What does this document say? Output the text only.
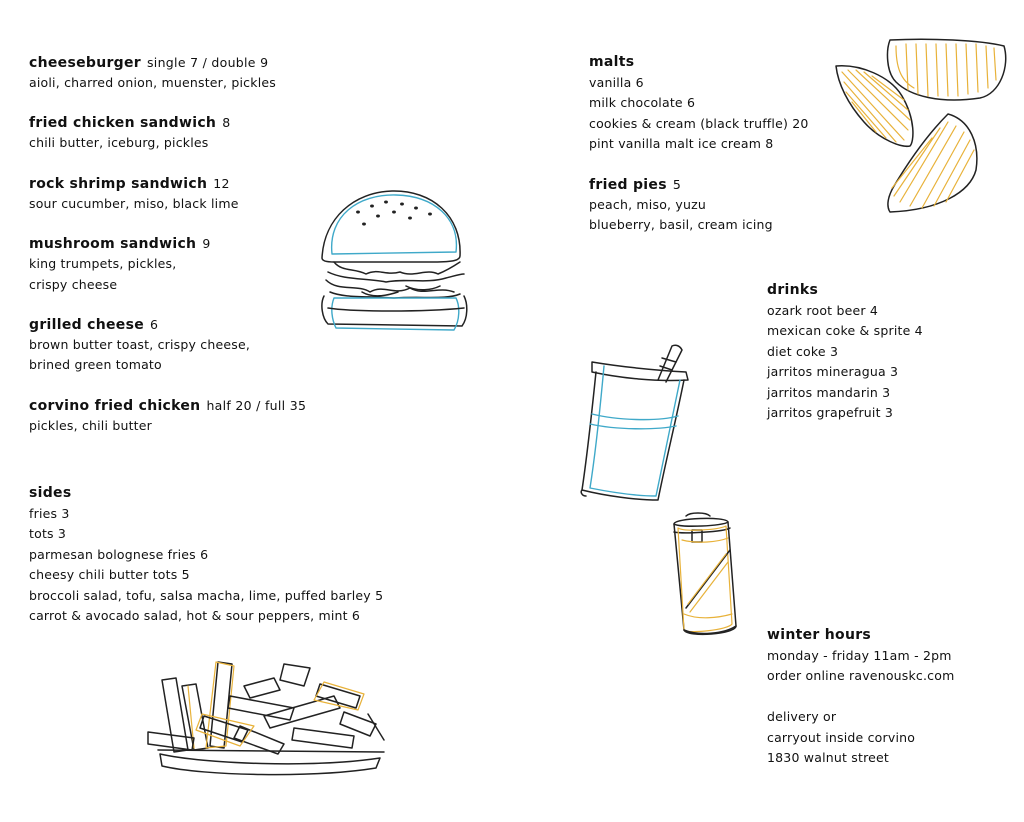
cheeseburger single 7 / double 9
aioli, charred onion, muenster, pickles
fried chicken sandwich 8
chili butter, iceburg, pickles
rock shrimp sandwich 12
sour cucumber, miso, black lime
mushroom sandwich 9
king trumpets, pickles,
crispy cheese
grilled cheese 6
brown butter toast, crispy cheese,
brined green tomato
corvino fried chicken half 20 / full 35
pickles, chili butter
sides
fries 3
tots 3
parmesan bolognese fries 6
cheesy chili butter tots 5
broccoli salad, tofu, salsa macha, lime, puffed barley 5
carrot & avocado salad, hot & sour peppers, mint 6
malts
vanilla 6
milk chocolate 6
cookies & cream (black truffle) 20
pint vanilla malt ice cream 8
fried pies 5
peach, miso, yuzu
blueberry, basil, cream icing
drinks
ozark root beer 4
mexican coke & sprite 4
diet coke 3
jarritos mineragua 3
jarritos mandarin 3
jarritos grapefruit 3
winter hours
monday - friday 11am - 2pm
order online ravenouskc.com
delivery or
carryout inside corvino
1830 walnut street
